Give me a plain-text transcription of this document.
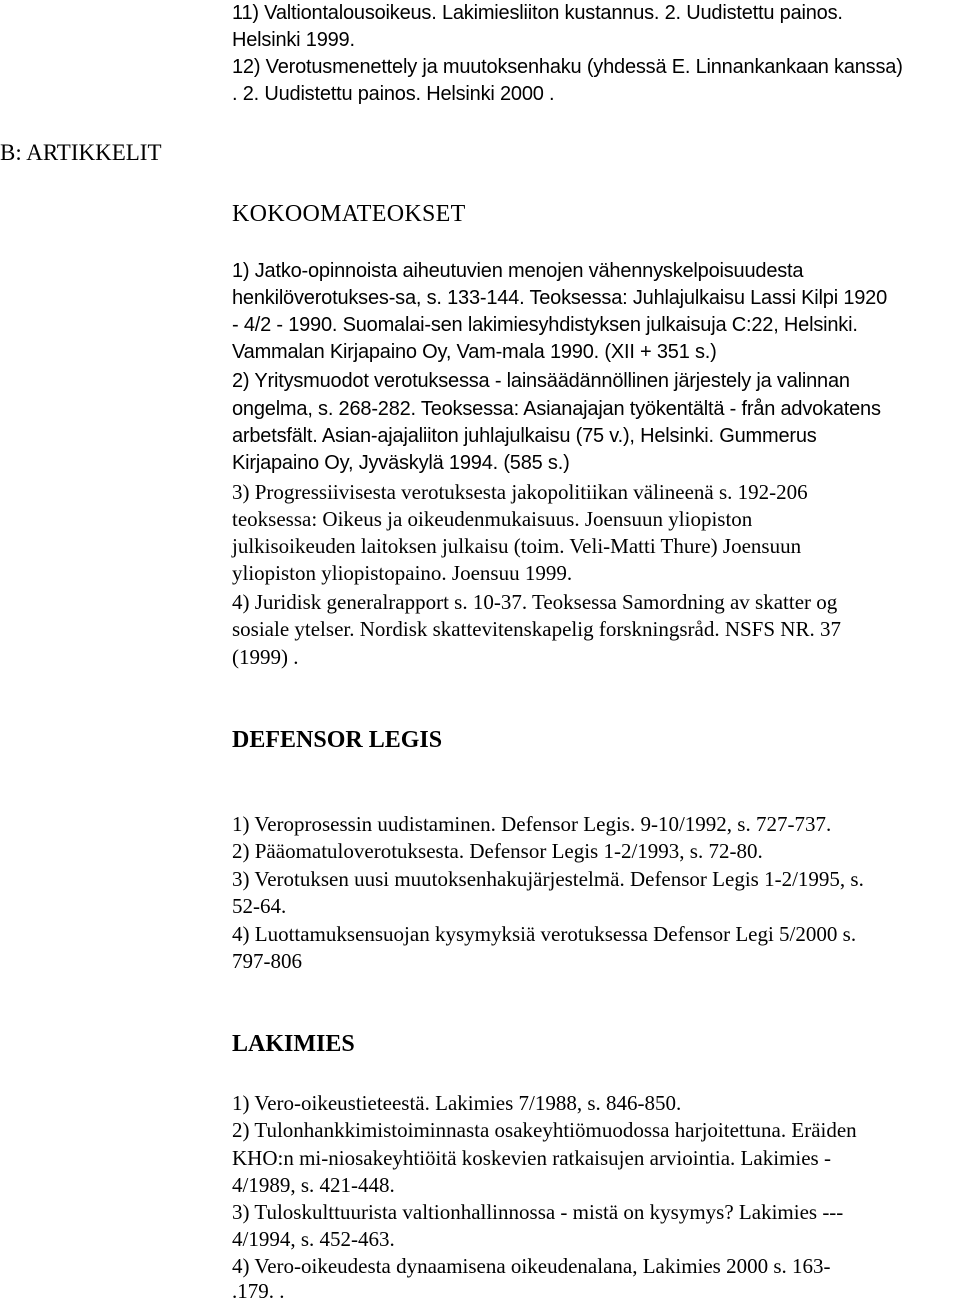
11) Valtiontalousoikeus. Lakimiesliiton kustannus. 2. Uudistettu painos.

Helsinki 1999.

12) Verotusmenettely ja muutoksenhaku (yhdessä E. Linnankankaan kanssa)

. 2. Uudistettu painos. Helsinki 2000 .

B: ARTIKKELIT

KOKOOMATEOKSET

1) Jatko-opinnoista aiheutuvien menojen vähennyskelpoisuudesta

henkilöverotukses-sa, s. 133-144. Teoksessa: Juhlajulkaisu Lassi Kilpi 1920

- 4/2 - 1990. Suomalai-sen lakimiesyhdistyksen julkaisuja C:22, Helsinki.

Vammalan Kirjapaino Oy, Vam-mala 1990. (XII + 351 s.)

2) Yritysmuodot verotuksessa - lainsäädännöllinen järjestely ja valinnan

ongelma, s. 268-282. Teoksessa: Asianajajan työkentältä - från advokatens

arbetsfält. Asian-ajajaliiton juhlajulkaisu (75 v.), Helsinki. Gummerus

Kirjapaino Oy, Jyväskylä 1994. (585 s.)

3) Progressiivisesta verotuksesta jakopolitiikan välineenä s. 192-206

teoksessa: Oikeus ja oikeudenmukaisuus. Joensuun yliopiston

julkisoikeuden laitoksen julkaisu (toim. Veli-Matti Thure) Joensuun

yliopiston yliopistopaino. Joensuu 1999.

4) Juridisk generalrapport s. 10-37. Teoksessa Samordning av skatter og

sosiale ytelser. Nordisk skattevitenskapelig forskningsråd. NSFS NR. 37

(1999) .

DEFENSOR LEGIS

1) Veroprosessin uudistaminen. Defensor Legis. 9-10/1992, s. 727-737.

2) Pääomatuloverotuksesta. Defensor Legis 1-2/1993, s. 72-80.

3) Verotuksen uusi muutoksenhakujärjestelmä. Defensor Legis 1-2/1995, s.

52-64.

4) Luottamuksensuojan kysymyksiä verotuksessa Defensor Legi 5/2000 s.

797-806

LAKIMIES

1) Vero-oikeustieteestä. Lakimies 7/1988, s. 846-850.

2) Tulonhankkimistoiminnasta osakeyhtiömuodossa harjoitettuna. Eräiden

KHO:n mi-niosakeyhtiöitä koskevien ratkaisujen arviointia. Lakimies -

4/1989, s. 421-448.

3) Tuloskulttuurista valtionhallinnossa - mistä on kysymys? Lakimies ---

4/1994, s. 452-463.

4) Vero-oikeudesta dynaamisena oikeudenalana, Lakimies 2000 s. 163-

.179. .
